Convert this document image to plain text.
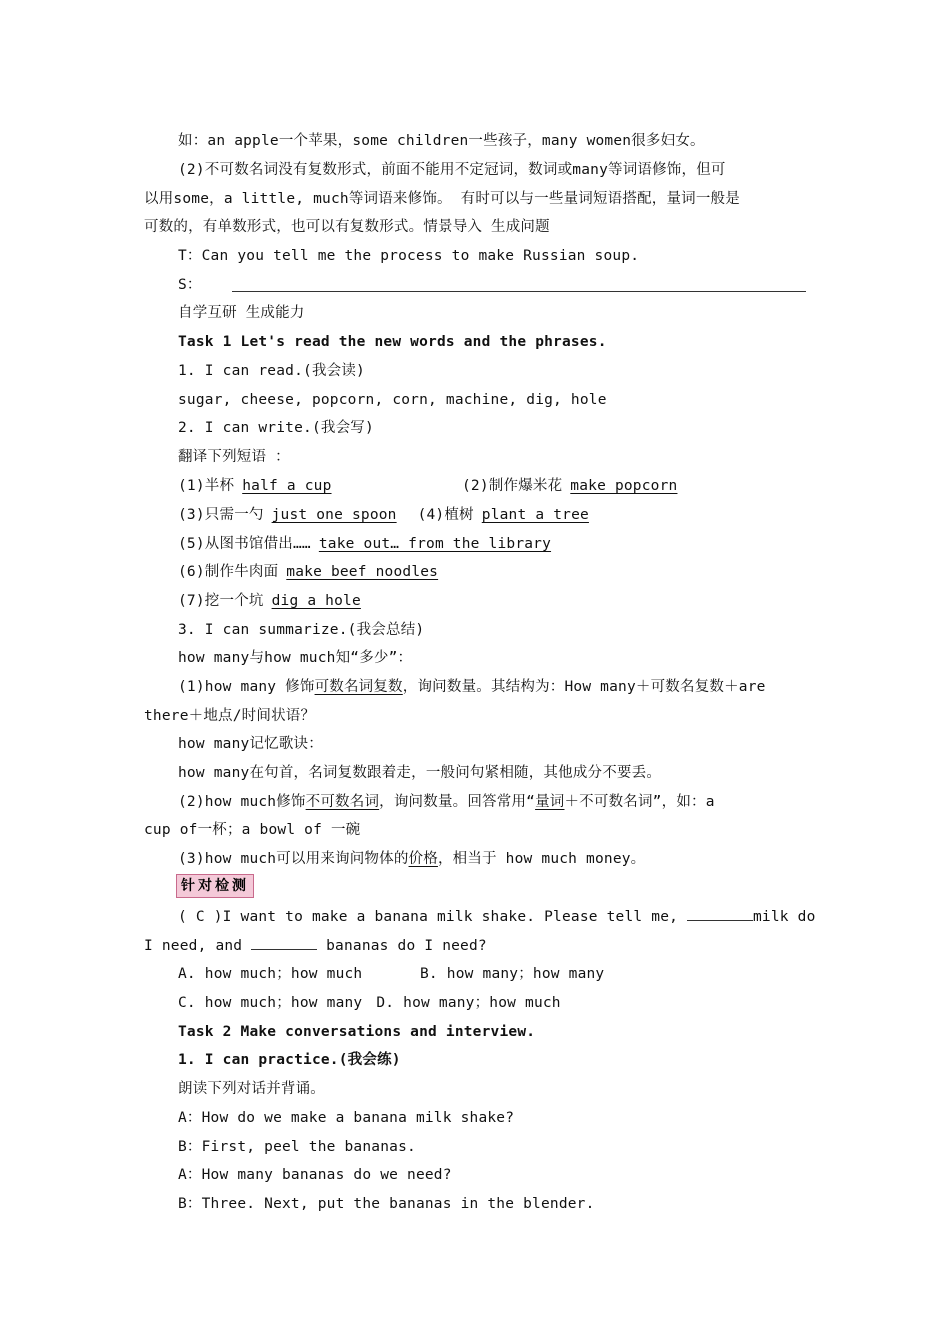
如：an apple一个苹果，some children一些孩子，many women很多妇女。
(2)不可数名词没有复数形式，前面不能用不定冠词，数词或many等词语修饰，但可
以用some，a little, much等词语来修饰。 有时可以与一些量词短语搭配，量词一般是
可数的，有单数形式，也可以有复数形式。情景导入 生成问题
T：Can you tell me the process to make Russian soup.
S：
自学互研 生成能力
Task 1 Let's read the new words and the phrases.
1. I can read.(我会读)
sugar, cheese, popcorn, corn, machine, dig, hole
2. I can write.(我会写)
翻译下列短语 ：
(1)半杯 half a cup	(2)制作爆米花 make popcorn
(3)只需一勺 just one spoon (4)植树 plant a tree
(5)从图书馆借出…… take out… from the library
(6)制作牛肉面 make beef noodles
(7)挖一个坑 dig a hole
3. I can summarize.(我会总结)
how many与how much知“多少”：
(1)how many 修饰可数名词复数，询问数量。其结构为：How many＋可数名复数＋are
there＋地点/时间状语？
how many记忆歌诀：
how many在句首，名词复数跟着走，一般问句紧相随，其他成分不要丢。
(2)how much修饰不可数名词，询问数量。回答常用“量词＋不可数名词”，如：a
cup of一杯；a bowl of 一碗
(3)how much可以用来询问物体的价格，相当于 how much money。
针对检测
( C )I want to make a banana milk shake. Please tell me,	milk do
I need, and	bananas do I need?
A. how much；how much	B. how many；how many
C. how much；how many D. how many；how much
Task 2 Make conversations and interview.
1. I can practice.(我会练)
朗读下列对话并背诵。
A：How do we make a banana milk shake?
B：First, peel the bananas.
A：How many bananas do we need?
B：Three. Next, put the bananas in the blender.
